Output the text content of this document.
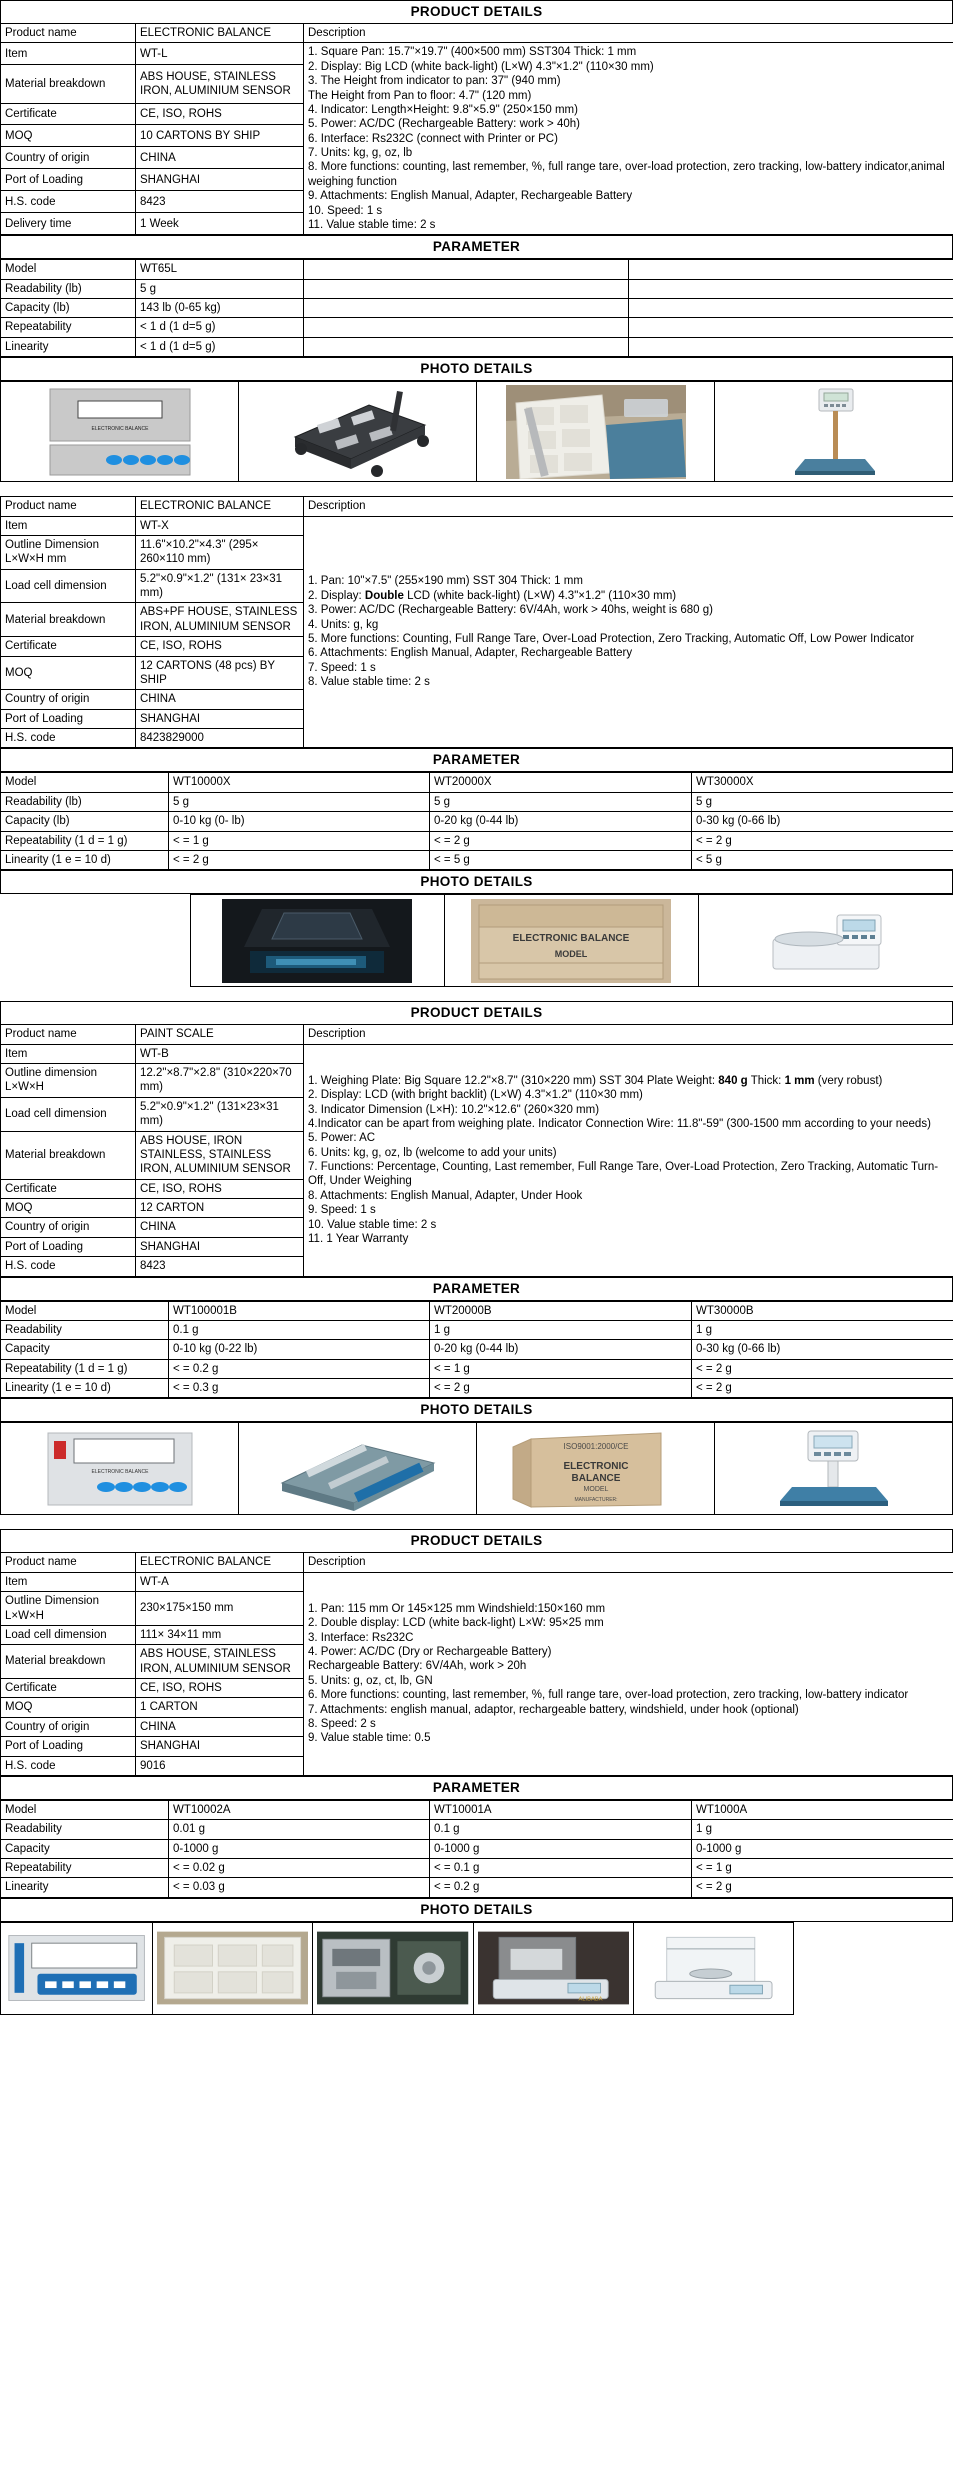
PRODUCT DETAILS
Product name	ELECTRONIC BALANCE	Description
Item	WT-L	1. Square Pan: 15.7"×19.7" (400×500 mm) SST304 Thick: 1 mm
2. Display: Big LCD (white back-light) (L×W) 4.3"×1.2" (110×30 mm)
3. The Height from indicator to pan: 37" (940 mm)
The Height from Pan to floor: 4.7" (120 mm)
4. Indicator: Length×Height: 9.8"×5.9" (250×150 mm)
5. Power: AC/DC (Rechargeable Battery: work > 40h)
6. Interface: Rs232C (connect with Printer or PC)
7. Units: kg, g, oz, lb
8. More functions: counting, last remember, %, full range tare, over-load protection, zero tracking, low-battery indicator,animal weighing function
9. Attachments: English Manual, Adapter, Rechargeable Battery
10. Speed: 1 s
11. Value stable time: 2 s

Material breakdown	ABS HOUSE, STAINLESS IRON, ALUMINIUM SENSOR	
Certificate	CE, ISO, ROHS	
MOQ	10 CARTONS BY SHIP	
Country of origin	CHINA	
Port of Loading	SHANGHAI	
H.S. code	8423	
Delivery time	1 Week	
PARAMETER
Model	WT65L		
Readability (lb)	5 g		
Capacity (lb)	143 lb (0-65 kg)		
Repeatability	< 1 d (1 d=5 g)		
Linearity	< 1 d (1 d=5 g)		
PHOTO DETAILS
ELECTRONIC BALANCE

Product name	ELECTRONIC BALANCE	Description
Item	WT-X	
1. Pan: 10"×7.5" (255×190 mm) SST 304 Thick: 1 mm
2. Display: Double LCD (white back-light) (L×W) 4.3"×1.2" (110×30 mm)
3. Power: AC/DC (Rechargeable Battery: 6V/4Ah, work > 40hs, weight is 680 g)
4. Units: g, kg
5. More functions: Counting, Full Range Tare, Over-Load Protection, Zero Tracking, Automatic Off, Low Power Indicator
6. Attachments: English Manual, Adapter, Rechargeable Battery
7. Speed: 1 s
8. Value stable time: 2 s

Outline Dimension L×W×H mm	11.6"×10.2"×4.3" (295× 260×110 mm)	
Load cell dimension	5.2"×0.9"×1.2" (131× 23×31 mm)	
Material breakdown	ABS+PF HOUSE, STAINLESS IRON, ALUMINIUM SENSOR	
Certificate	CE, ISO, ROHS	
MOQ	12 CARTONS (48 pcs) BY SHIP	
Country of origin	CHINA	
Port of Loading	SHANGHAI	
H.S. code	8423829000	
PARAMETER
Model	WT10000X	WT20000X	WT30000X
Readability (lb)	5 g	5 g	5 g
Capacity (lb)	0-10 kg (0- lb)	0-20 kg (0-44 lb)	0-30 kg (0-66 lb)
Repeatability (1 d = 1 g)	< = 1 g	< = 2 g	< = 2 g
Linearity (1 e = 10 d)	< = 2 g	< = 5 g	< 5 g
PHOTO DETAILS

ELECTRONIC BALANCE
MODEL

PRODUCT DETAILS
Product name	PAINT SCALE	Description
Item	WT-B	
1. Weighing Plate: Big Square 12.2"×8.7" (310×220 mm) SST 304 Plate Weight: 840 g Thick: 1 mm (very robust)
2. Display: LCD (with bright backlit) (L×W) 4.3"×1.2" (110×30 mm)
3. Indicator Dimension (L×H): 10.2"×12.6" (260×320 mm)
4.Indicator can be apart from weighing plate. Indicator Connection Wire: 11.8"-59" (300-1500 mm according to your needs)
5. Power: AC
6. Units: kg, g, oz, lb (welcome to add your units)
7. Functions: Percentage, Counting, Last remember, Full Range Tare, Over-Load Protection, Zero Tracking, Automatic Turn-Off, Under Weighing
8. Attachments: English Manual, Adapter, Under Hook
9. Speed: 1 s
10. Value stable time: 2 s
11. 1 Year Warranty

Outline dimension L×W×H	12.2"×8.7"×2.8" (310×220×70 mm)	
Load cell dimension	5.2"×0.9"×1.2" (131×23×31 mm)	
Material breakdown	ABS HOUSE, IRON STAINLESS, STAINLESS IRON, ALUMINIUM SENSOR	
Certificate	CE, ISO, ROHS	
MOQ	12 CARTON	
Country of origin	CHINA	
Port of Loading	SHANGHAI	
H.S. code	8423	
PARAMETER
Model	WT100001B	WT20000B	WT30000B
Readability	0.1 g	1 g	1 g
Capacity	0-10 kg (0-22 lb)	0-20 kg (0-44 lb)	0-30 kg (0-66 lb)
Repeatability (1 d = 1 g)	< = 0.2 g	< = 1 g	< = 2 g
Linearity (1 e = 10 d)	< = 0.3 g	< = 2 g	< = 2 g
PHOTO DETAILS
ELECTRONIC BALANCE

ISO9001:2000/CE
ELECTRONIC
BALANCE
MODEL
MANUFACTURER:

PRODUCT DETAILS
Product name	ELECTRONIC BALANCE	Description
Item	WT-A	
1. Pan: 115 mm Or 145×125 mm Windshield:150×160 mm
2. Double display: LCD (white back-light) L×W: 95×25 mm
3. Interface: Rs232C
4. Power: AC/DC (Dry or Rechargeable Battery)
Rechargeable Battery: 6V/4Ah, work > 20h
5. Units: g, oz, ct, lb, GN
6. More functions: counting, last remember, %, full range tare, over-load protection, zero tracking, low-battery indicator
7. Attachments: english manual, adaptor, rechargeable battery, windshield, under hook (optional)
8. Speed: 2 s
9. Value stable time: 0.5

Outline Dimension L×W×H	230×175×150 mm	
Load cell dimension	111× 34×11 mm	
Material breakdown	ABS HOUSE, STAINLESS IRON, ALUMINIUM SENSOR	
Certificate	CE, ISO, ROHS	
MOQ	1 CARTON	
Country of origin	CHINA	
Port of Loading	SHANGHAI	
H.S. code	9016	
PARAMETER
Model	WT10002A	WT10001A	WT1000A
Readability	0.01 g	0.1 g	1 g
Capacity	0-1000 g	0-1000 g	0-1000 g
Repeatability	< = 0.02 g	< = 0.1 g	< = 1 g
Linearity	< = 0.03 g	< = 0.2 g	< = 2 g
PHOTO DETAILS

ALIBABA
